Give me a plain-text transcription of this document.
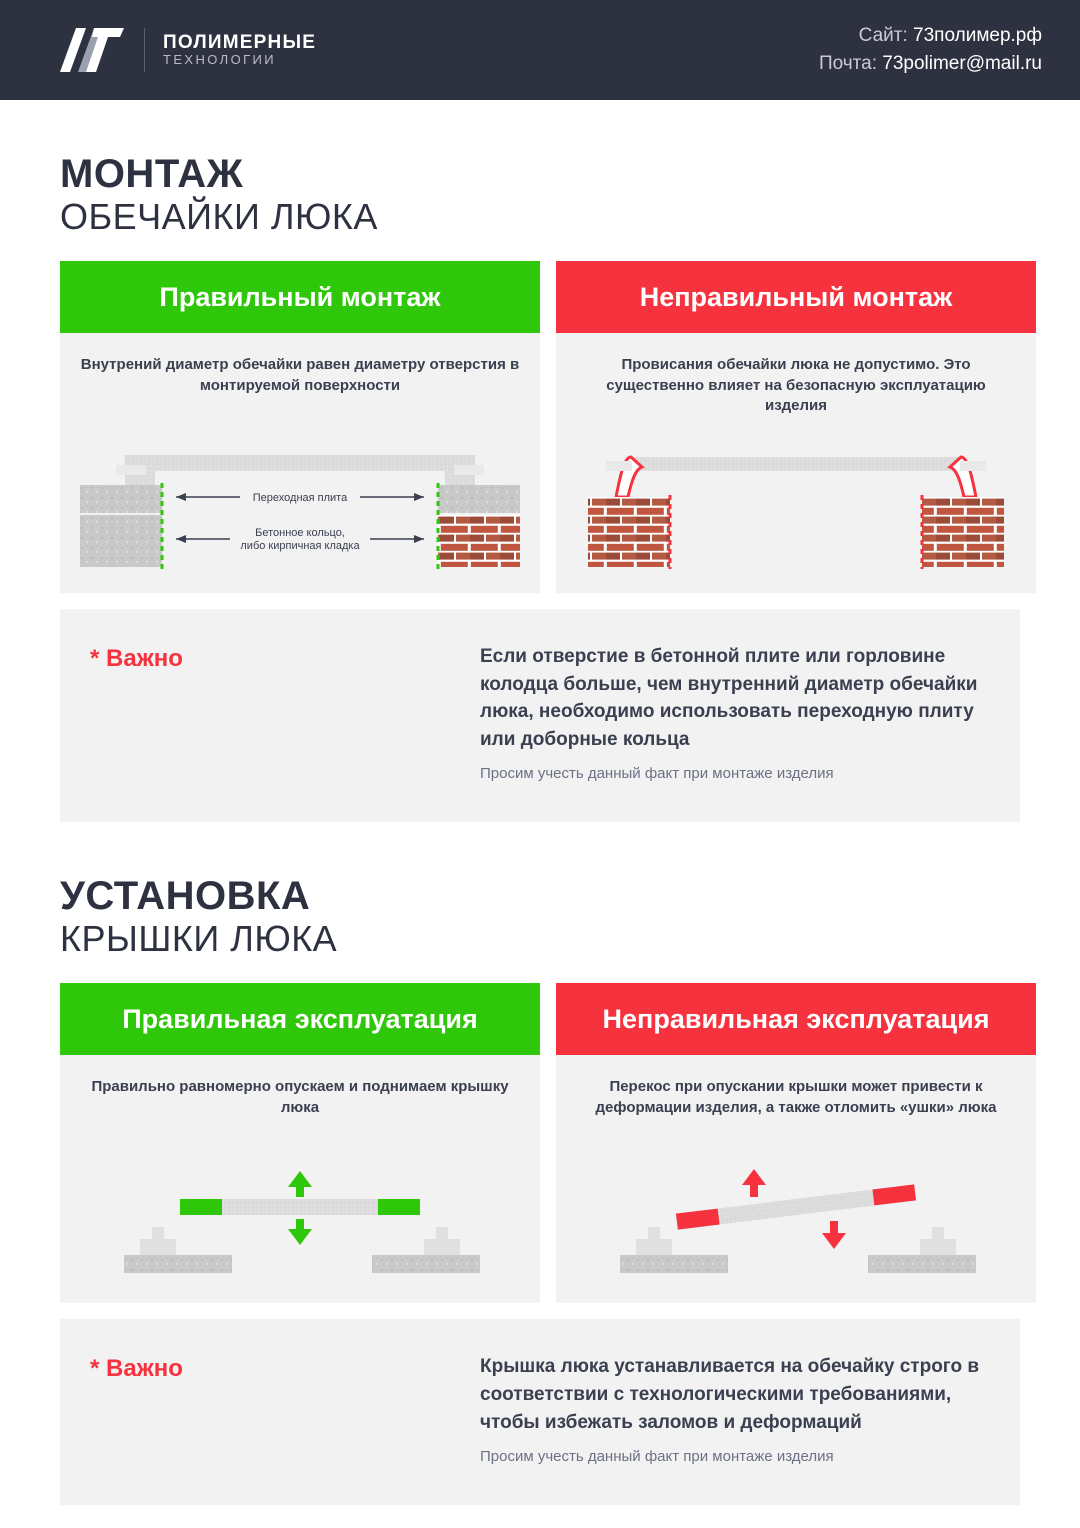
ПОЛИМЕРНЫЕ
ТЕХНОЛОГИИ
Сайт: 73полимер.рф
Почта: 73polimer@mail.ru
МОНТАЖ
ОБЕЧАЙКИ ЛЮКА
Правильный монтаж
Внутрений диаметр обечайки равен диаметру отверстия в монтируемой поверхности
Переходная плита
Бетонное кольцо,
либо кирпичная кладка
Неправильный монтаж
Провисания обечайки люка не допустимо. Это существенно влияет на безопасную эксплуатацию изделия
* Важно	Если отверстие в бетонной плите или горловине колодца больше, чем внутренний диаметр обечайки люка, необходимо использовать переходную плиту или доборные кольца
Просим учесть данный факт при монтаже изделия
УСТАНОВКА
КРЫШКИ ЛЮКА
Правильная эксплуатация
Правильно равномерно опускаем и поднимаем крышку люка
Неправильная эксплуатация
Перекос при опускании крышки может привести к деформации изделия, а также отломить «ушки» люка
* Важно	Крышка люка устанавливается на обечайку строго в соответствии с технологическими требованиями, чтобы избежать заломов и деформаций
Просим учесть данный факт при монтаже изделия
